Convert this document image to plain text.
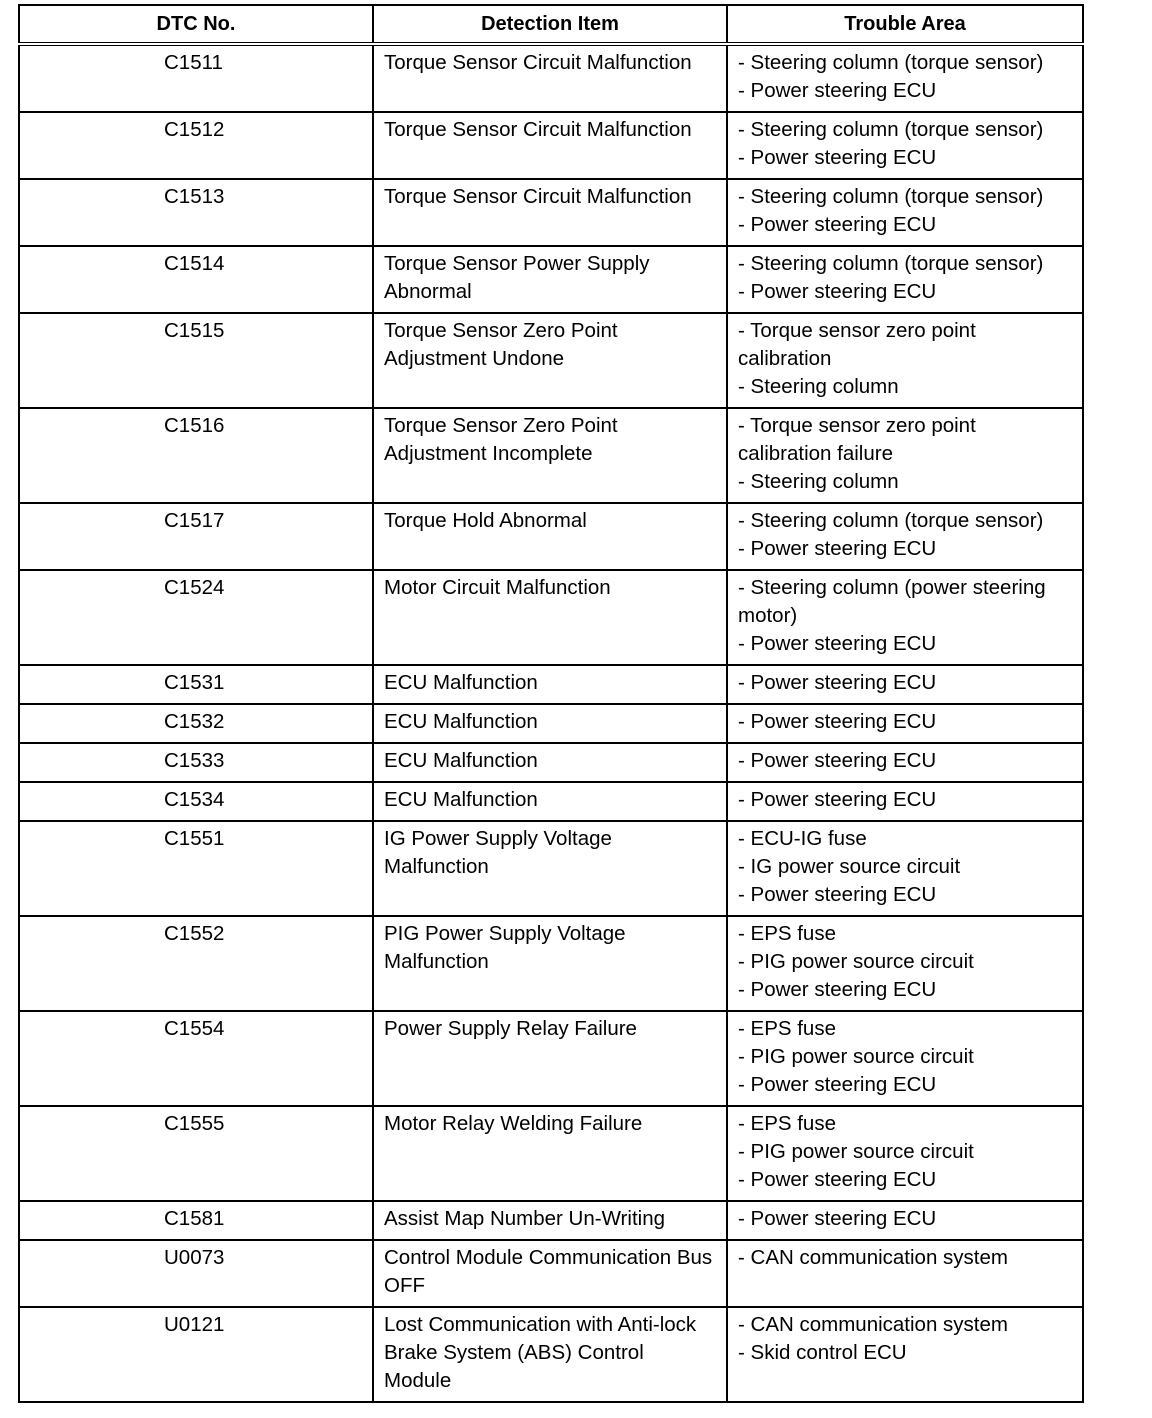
DTC No.	Detection Item	Trouble Area
C1511	Torque Sensor Circuit Malfunction	- Steering column (torque sensor)
- Power steering ECU

C1512	Torque Sensor Circuit Malfunction	- Steering column (torque sensor)
- Power steering ECU

C1513	Torque Sensor Circuit Malfunction	- Steering column (torque sensor)
- Power steering ECU

C1514	Torque Sensor Power Supply Abnormal	- Steering column (torque sensor)
- Power steering ECU

C1515	Torque Sensor Zero Point Adjustment Undone	- Torque sensor zero point calibration
- Steering column

C1516	Torque Sensor Zero Point Adjustment Incomplete	- Torque sensor zero point calibration failure
- Steering column

C1517	Torque Hold Abnormal	- Steering column (torque sensor)
- Power steering ECU

C1524	Motor Circuit Malfunction	- Steering column (power steering motor)
- Power steering ECU

C1531	ECU Malfunction	- Power steering ECU

C1532	ECU Malfunction	- Power steering ECU

C1533	ECU Malfunction	- Power steering ECU

C1534	ECU Malfunction	- Power steering ECU

C1551	IG Power Supply Voltage Malfunction	- ECU-IG fuse
- IG power source circuit
- Power steering ECU

C1552	PIG Power Supply Voltage Malfunction	- EPS fuse
- PIG power source circuit
- Power steering ECU

C1554	Power Supply Relay Failure	- EPS fuse
- PIG power source circuit
- Power steering ECU

C1555	Motor Relay Welding Failure	- EPS fuse
- PIG power source circuit
- Power steering ECU

C1581	Assist Map Number Un-Writing	- Power steering ECU

U0073	Control Module Communication Bus OFF	- CAN communication system

U0121	Lost Communication with Anti-lock Brake System (ABS) Control Module	- CAN communication system
- Skid control ECU
